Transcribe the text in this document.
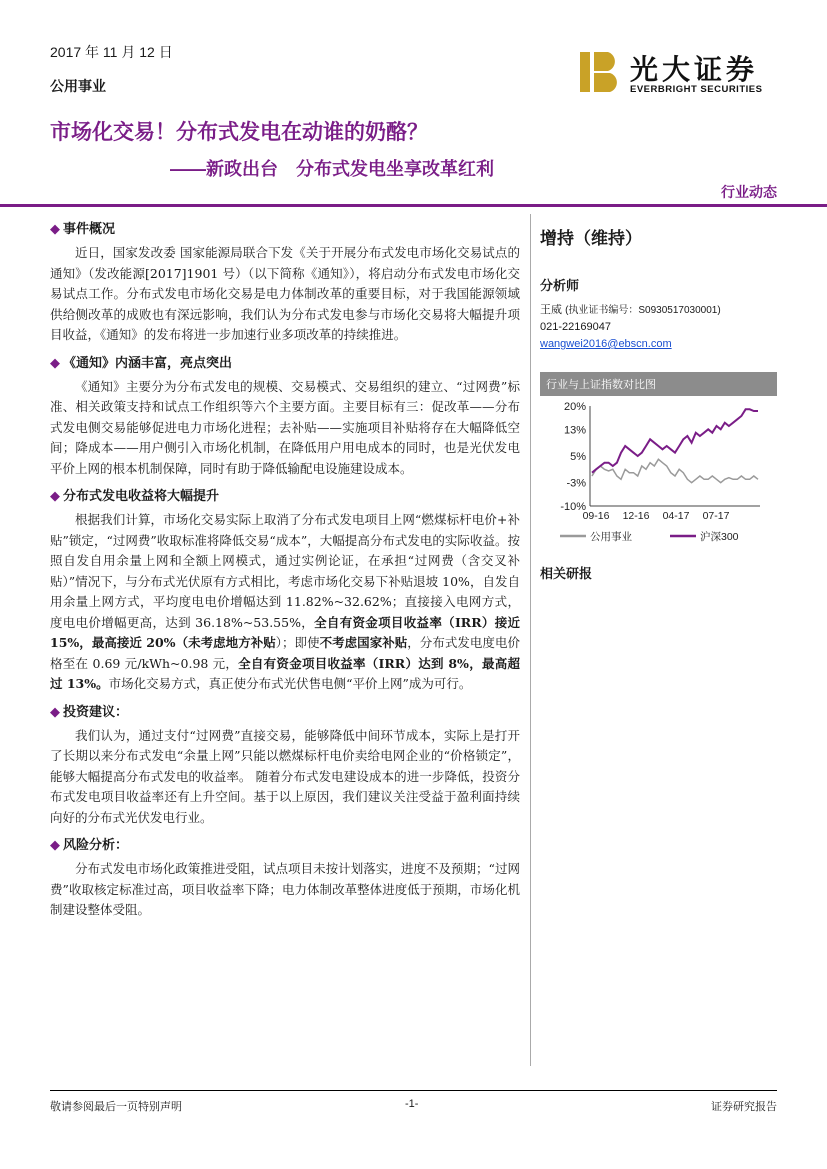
2017 年 11 月 12 日
公用事业	光大证券
EVERBRIGHT SECURITIES
市场化交易！分布式发电在动谁的奶酪？
——新政出台　分布式发电坐享改革红利
行业动态
◆ 事件概况

近日，国家发改委 国家能源局联合下发《关于开展分布式发电市场化交易试点的通知》（发改能源[2017]1901 号）（以下简称《通知》），将启动分布式发电市场化交易试点工作。分布式发电市场化交易是电力体制改革的重要目标，对于我国能源领域供给侧改革的成败也有深远影响，我们认为分布式发电参与市场化交易将大幅提升项目收益，《通知》的发布将进一步加速行业多项改革的持续推进。

◆ 《通知》内涵丰富，亮点突出

《通知》主要分为分布式发电的规模、交易模式、交易组织的建立、“过网费”标准、相关政策支持和试点工作组织等六个主要方面。主要目标有三：促改革——分布式发电侧交易能够促进电力市场化进程；去补贴——实施项目补贴将存在大幅降低空间；降成本——用户侧引入市场化机制，在降低用户用电成本的同时，也是光伏发电平价上网的根本机制保障，同时有助于降低输配电设施建设成本。

◆ 分布式发电收益将大幅提升

根据我们计算，市场化交易实际上取消了分布式发电项目上网“燃煤标杆电价+补贴”锁定，“过网费”收取标准将降低交易“成本”，大幅提高分布式发电的实际收益。按照自发自用余量上网和全额上网模式，通过实例论证，在承担“过网费（含交叉补贴）”情况下，与分布式光伏原有方式相比，考虑市场化交易下补贴退坡 10%，自发自用余量上网方式，平均度电电价增幅达到 11.82%~32.62%；直接接入电网方式，度电电价增幅更高，达到 36.18%~53.55%，全自有资金项目收益率（IRR）接近 15%，最高接近 20%（未考虑地方补贴）；即使不考虑国家补贴，分布式发电度电价格至在 0.69 元/kWh~0.98 元，全自有资金项目收益率（IRR）达到 8%，最高超过 13%。市场化交易方式，真正使分布式光伏售电侧“平价上网”成为可行。

◆ 投资建议：

我们认为，通过支付“过网费”直接交易，能够降低中间环节成本，实际上是打开了长期以来分布式发电“余量上网”只能以燃煤标杆电价卖给电网企业的“价格锁定”，能够大幅提高分布式发电的收益率。 随着分布式发电建设成本的进一步降低，投资分布式发电项目收益率还有上升空间。基于以上原因，我们建议关注受益于盈利面持续向好的分布式光伏发电行业。

◆ 风险分析：

分布式发电市场化政策推进受阻，试点项目未按计划落实，进度不及预期；“过网费”收取核定标准过高，项目收益率下降；电力体制改革整体进度低于预期，市场化机制建设整体受阻。

增持（维持）
分析师
王威 (执业证书编号：S0930517030001)
021-22169047
wangwei2016@ebscn.com
行业与上证指数对比图
20%
13%
5%
-3%
-10%
09-16 12-16 04-17 07-17
公用事业	沪深300
相关研报
敬请参阅最后一页特别声明	-1-	证券研究报告
